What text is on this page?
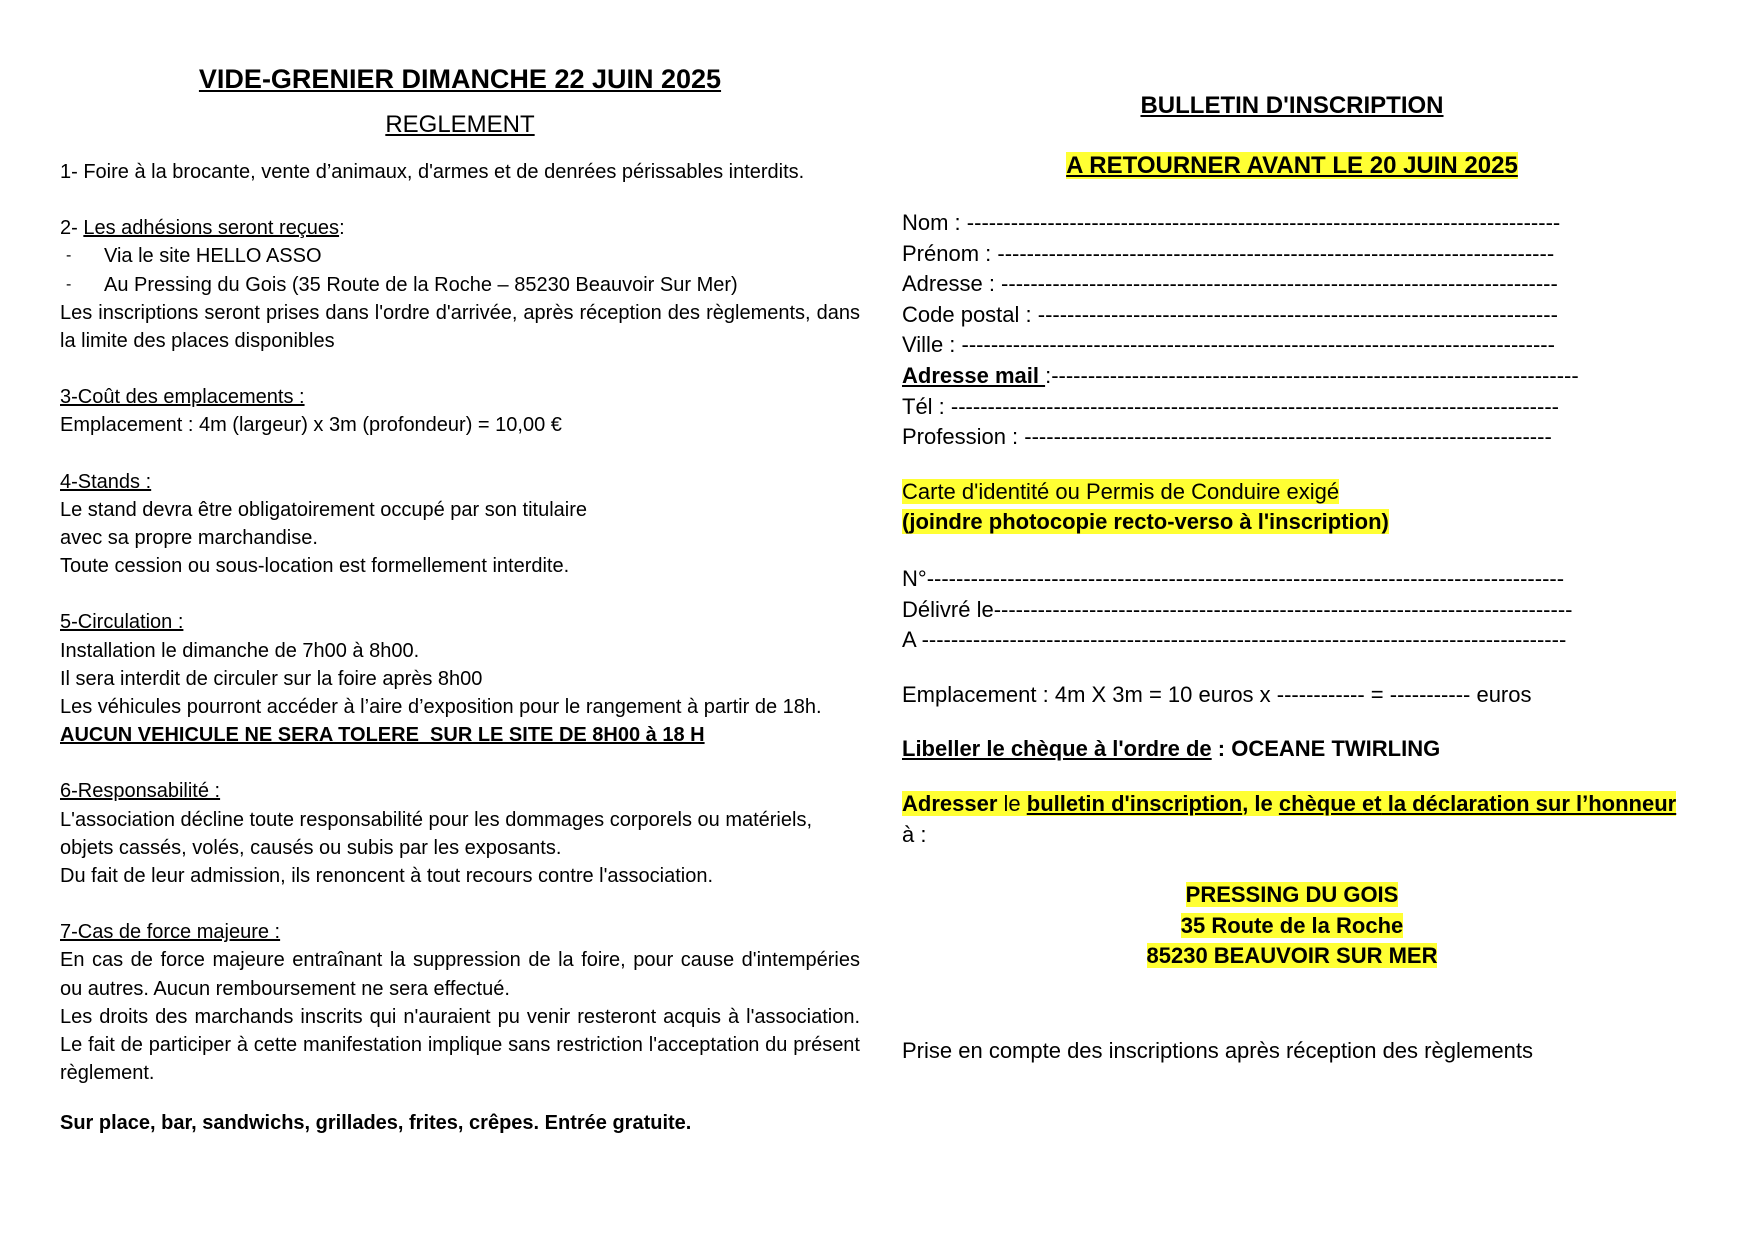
VIDE-GRENIER DIMANCHE 22 JUIN 2025
REGLEMENT

1- Foire à la brocante, vente d’animaux, d'armes et de denrées périssables interdits.

2- Les adhésions seront reçues:

-	Via le site HELLO ASSO
-	Au Pressing du Gois (35 Route de la Roche – 85230 Beauvoir Sur Mer)

Les inscriptions seront prises dans l'ordre d'arrivée, après réception des règlements, dans la limite des places disponibles

3-Coût des emplacements :

Emplacement : 4m (largeur) x 3m (profondeur) = 10,00 €

4-Stands :

Le stand devra être obligatoirement occupé par son titulaire

avec sa propre marchandise.

Toute cession ou sous-location est formellement interdite.

5-Circulation :

Installation le dimanche de 7h00 à 8h00.

Il sera interdit de circuler sur la foire après 8h00

Les véhicules pourront accéder à l’aire d’exposition pour le rangement à partir de 18h.

AUCUN VEHICULE NE SERA TOLERE  SUR LE SITE DE 8H00 à 18 H

6-Responsabilité :

L'association décline toute responsabilité pour les dommages corporels ou matériels, objets cassés, volés, causés ou subis par les exposants.

Du fait de leur admission, ils renoncent à tout recours contre l'association.

7-Cas de force majeure :

En cas de force majeure entraînant la suppression de la foire, pour cause d'intempéries ou autres. Aucun remboursement ne sera effectué.

Les droits des marchands inscrits qui n'auraient pu venir resteront acquis à l'association. Le fait de participer à cette manifestation implique sans restriction l'acceptation du présent règlement.

Sur place, bar, sandwichs, grillades, frites, crêpes. Entrée gratuite.

BULLETIN D'INSCRIPTION
A RETOURNER AVANT LE 20 JUIN 2025
Nom : ---------------------------------------------------------------------------------
Prénom : ----------------------------------------------------------------------------
Adresse : ----------------------------------------------------------------------------
Code postal : -----------------------------------------------------------------------
Ville : ---------------------------------------------------------------------------------
Adresse mail :------------------------------------------------------------------------
Tél : -----------------------------------------------------------------------------------
Profession : ------------------------------------------------------------------------

Carte d'identité ou Permis de Conduire exigé

(joindre photocopie recto-verso à l'inscription)

N°---------------------------------------------------------------------------------------
Délivré le-------------------------------------------------------------------------------
A ----------------------------------------------------------------------------------------

Emplacement : 4m X 3m = 10 euros x ------------ = ----------- euros

Libeller le chèque à l'ordre de : OCEANE TWIRLING

Adresser le bulletin d'inscription, le chèque et la déclaration sur l’honneur

à :

PRESSING DU GOIS
35 Route de la Roche
85230 BEAUVOIR SUR MER

Prise en compte des inscriptions après réception des règlements
